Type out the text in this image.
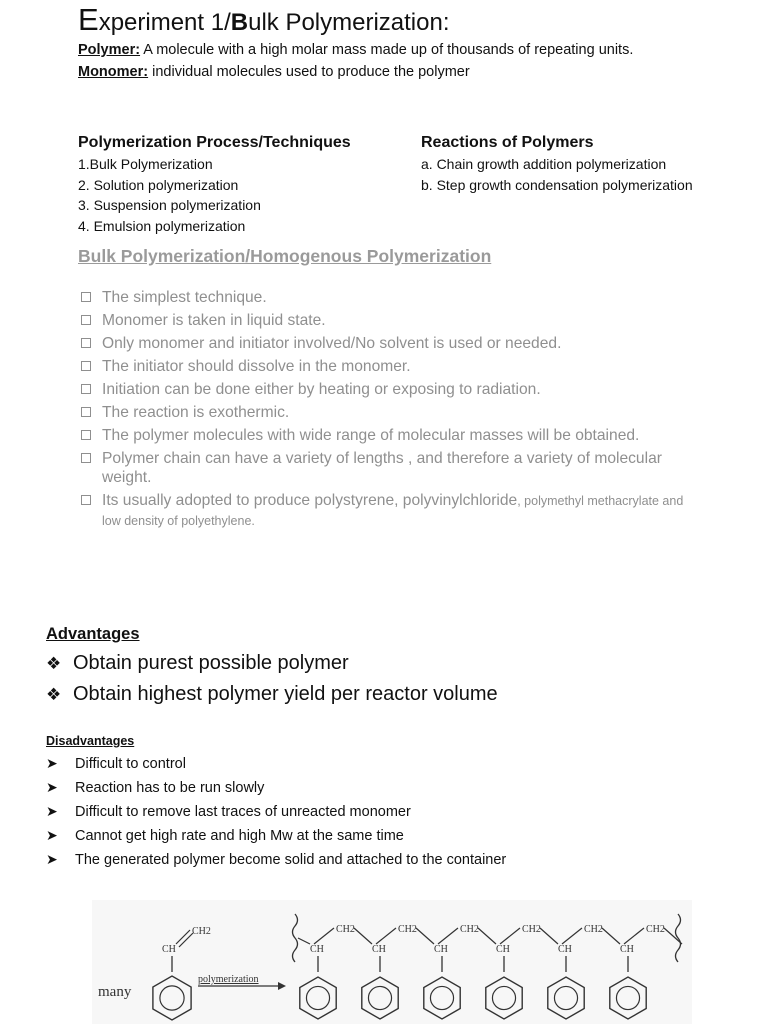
Experiment 1/Bulk Polymerization:
Polymer: A molecule with a high molar mass made up of thousands of repeating units.
Monomer: individual molecules used to produce the polymer
Polymerization Process/Techniques
1.Bulk Polymerization
2. Solution polymerization
3. Suspension polymerization
4. Emulsion polymerization
Reactions of Polymers
a. Chain growth addition polymerization
b. Step growth condensation polymerization
Bulk Polymerization/Homogenous Polymerization
The simplest technique.
Monomer is taken in liquid state.
Only monomer and initiator involved/No solvent is used or needed.
The initiator should dissolve in the monomer.
Initiation can be done either by heating or exposing to radiation.
The reaction is exothermic.
The polymer molecules with wide range of molecular masses will be obtained.
Polymer chain can have a variety of lengths , and therefore a variety of molecular weight.
Its usually adopted to produce polystyrene, polyvinylchloride, polymethyl methacrylate and low density of polyethylene.
Advantages
❖ Obtain purest possible polymer
❖ Obtain highest polymer yield per reactor volume
Disadvantages
➤ Difficult to control
➤ Reaction has to be run slowly
➤ Difficult to remove last traces of unreacted monomer
➤ Cannot get high rate and high Mw at the same time
➤ The generated polymer become solid and attached to the container
many
polymerization
CH
CH2
CH
CH2
CH
CH2
CH
CH2
CH
CH2
CH
CH2
CH
CH2
